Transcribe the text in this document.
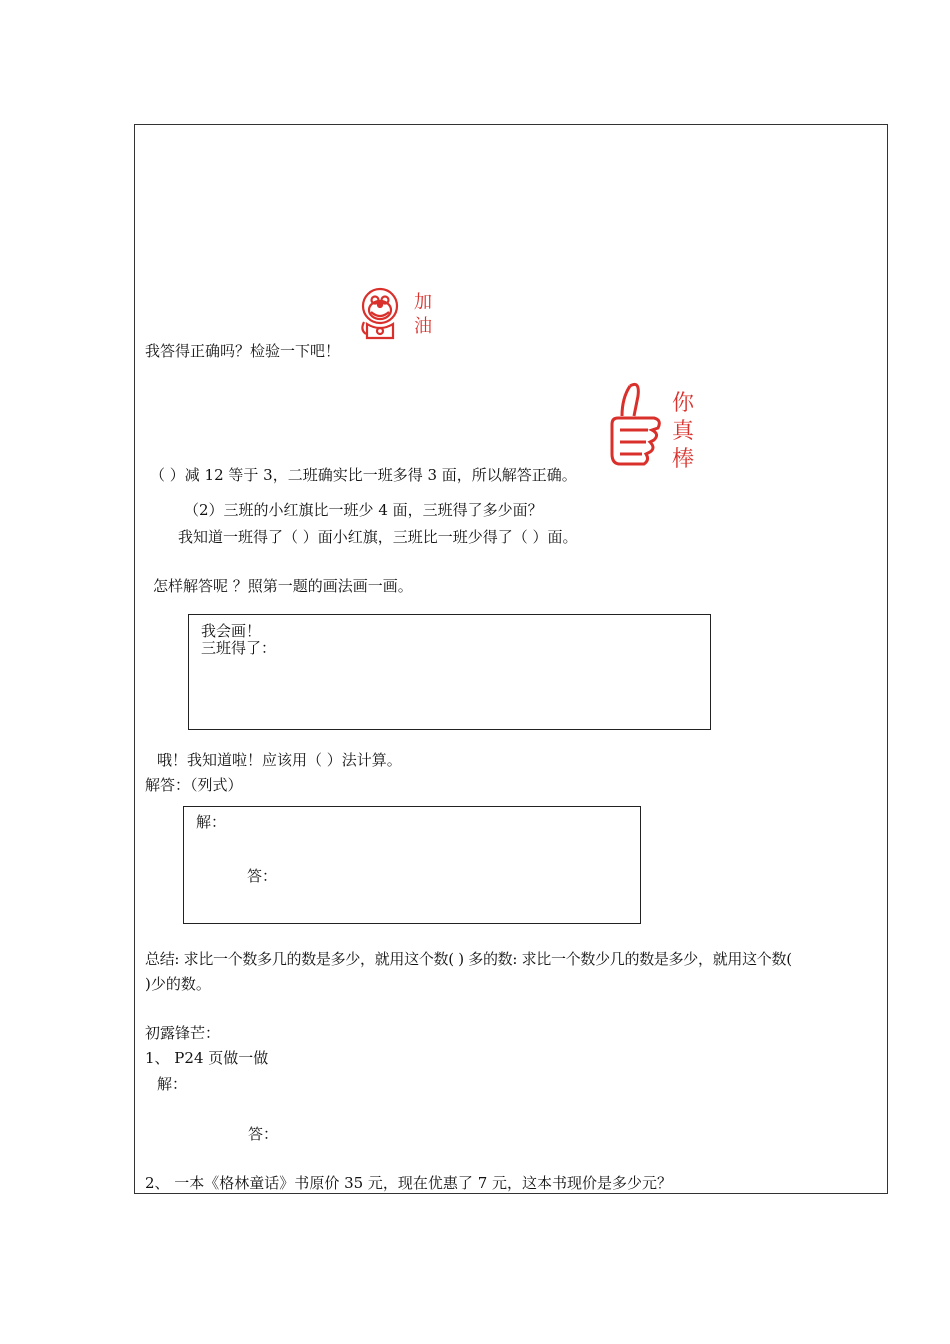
加
油
我答得正确吗？检验一下吧！
你
真
棒
（ ）减 12 等于 3，二班确实比一班多得 3 面，所以解答正确。
（2）三班的小红旗比一班少 4 面，三班得了多少面？
我知道一班得了（ ）面小红旗，三班比一班少得了（ ）面。
怎样解答呢 ？照第一题的画法画一画。
我会画！
三班得了：
哦！我知道啦！应该用（ ）法计算。
解答：（列式）
解：
答：
总结: 求比一个数多几的数是多少，就用这个数( ) 多的数: 求比一个数少几的数是多少，就用这个数(
)少的数。
初露锋芒：
1、 P24 页做一做
解：
答：
2、 一本《格林童话》书原价 35 元，现在优惠了 7 元，这本书现价是多少元？
